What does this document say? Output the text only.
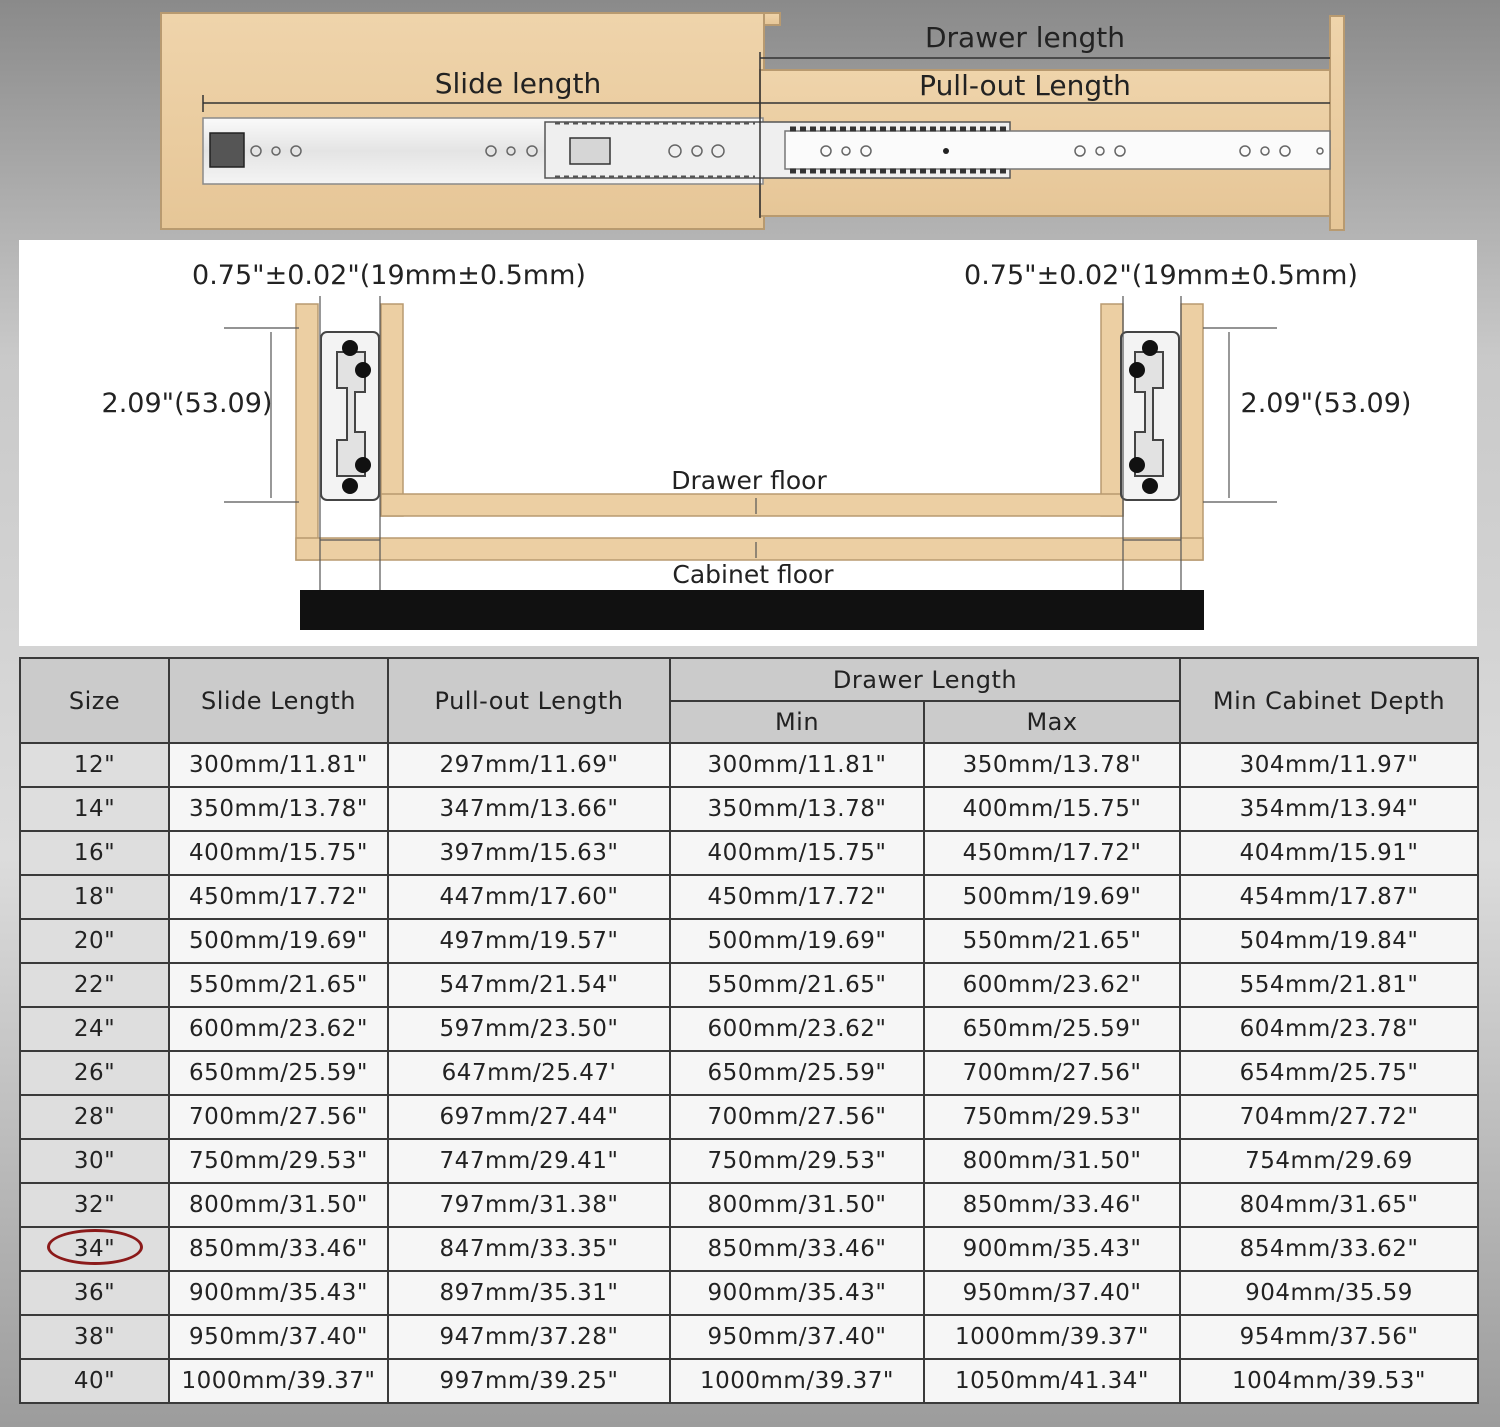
Slide length
Drawer length
Pull-out Length
0.75"±0.02"(19mm±0.5mm)	0.75"±0.02"(19mm±0.5mm)
2.09"(53.09)	2.09"(53.09)
Drawer floor
Cabinet floor
Size	Slide Length	Pull-out Length	Drawer Length		Min Cabinet Depth
			Min	Max	
12"	300mm/11.81"	297mm/11.69"	300mm/11.81"	350mm/13.78"	304mm/11.97"
14"	350mm/13.78"	347mm/13.66"	350mm/13.78"	400mm/15.75"	354mm/13.94"
16"	400mm/15.75"	397mm/15.63"	400mm/15.75"	450mm/17.72"	404mm/15.91"
18"	450mm/17.72"	447mm/17.60"	450mm/17.72"	500mm/19.69"	454mm/17.87"
20"	500mm/19.69"	497mm/19.57"	500mm/19.69"	550mm/21.65"	504mm/19.84"
22"	550mm/21.65"	547mm/21.54"	550mm/21.65"	600mm/23.62"	554mm/21.81"
24"	600mm/23.62"	597mm/23.50"	600mm/23.62"	650mm/25.59"	604mm/23.78"
26"	650mm/25.59"	647mm/25.47'	650mm/25.59"	700mm/27.56"	654mm/25.75"
28"	700mm/27.56"	697mm/27.44"	700mm/27.56"	750mm/29.53"	704mm/27.72"
30"	750mm/29.53"	747mm/29.41"	750mm/29.53"	800mm/31.50"	754mm/29.69
32"	800mm/31.50"	797mm/31.38"	800mm/31.50"	850mm/33.46"	804mm/31.65"
34"	850mm/33.46"	847mm/33.35"	850mm/33.46"	900mm/35.43"	854mm/33.62"
36"	900mm/35.43"	897mm/35.31"	900mm/35.43"	950mm/37.40"	904mm/35.59
38"	950mm/37.40"	947mm/37.28"	950mm/37.40"	1000mm/39.37"	954mm/37.56"
40"	1000mm/39.37"	997mm/39.25"	1000mm/39.37"	1050mm/41.34"	1004mm/39.53"
